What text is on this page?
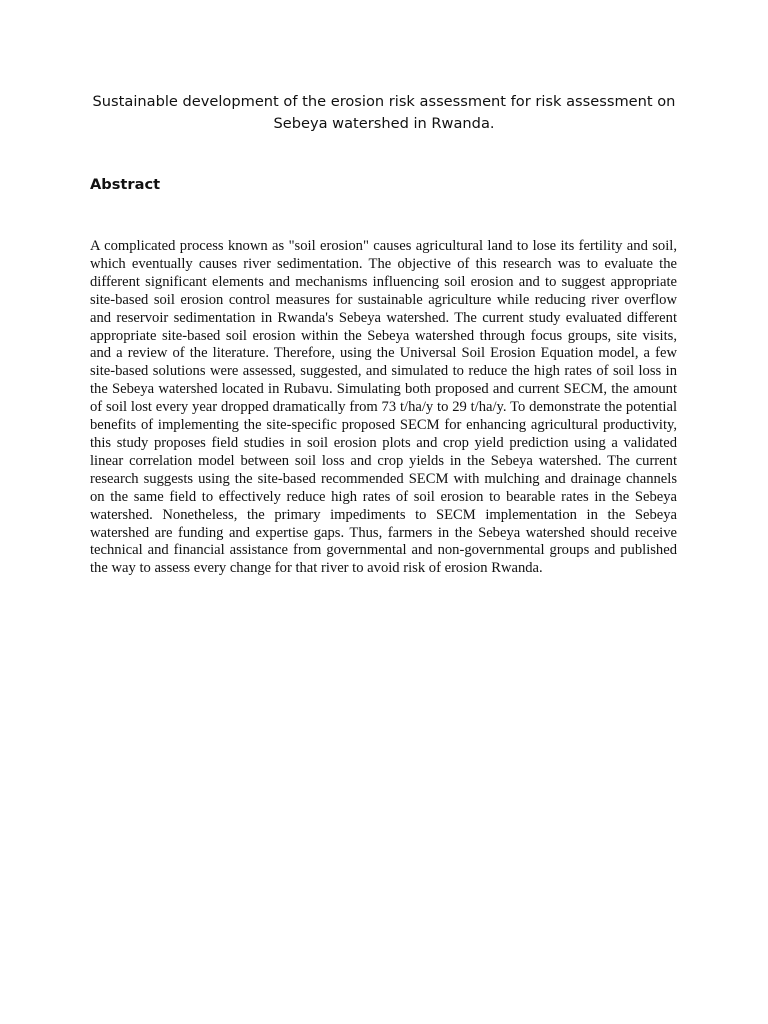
Sustainable development of the erosion risk assessment for risk assessment on Sebeya watershed in Rwanda.
Abstract

A complicated process known as "soil erosion" causes agricultural land to lose its fertility and soil, which eventually causes river sedimentation. The objective of this research was to evaluate the different significant elements and mechanisms influencing soil erosion and to suggest appropriate site-based soil erosion control measures for sustainable agriculture while reducing river overflow and reservoir sedimentation in Rwanda's Sebeya watershed. The current study evaluated different appropriate site-based soil erosion within the Sebeya watershed through focus groups, site visits, and a review of the literature. Therefore, using the Universal Soil Erosion Equation model, a few site-based solutions were assessed, suggested, and simulated to reduce the high rates of soil loss in the Sebeya watershed located in Rubavu. Simulating both proposed and current SECM, the amount of soil lost every year dropped dramatically from 73 t/ha/y to 29 t/ha/y. To demonstrate the potential benefits of implementing the site-specific proposed SECM for enhancing agricultural productivity, this study proposes field studies in soil erosion plots and crop yield prediction using a validated linear correlation model between soil loss and crop yields in the Sebeya watershed. The current research suggests using the site-based recommended SECM with mulching and drainage channels on the same field to effectively reduce high rates of soil erosion to bearable rates in the Sebeya watershed. Nonetheless, the primary impediments to SECM implementation in the Sebeya watershed are funding and expertise gaps. Thus, farmers in the Sebeya watershed should receive technical and financial assistance from governmental and non-governmental groups and published the way to assess every change for that river to avoid risk of erosion Rwanda.
